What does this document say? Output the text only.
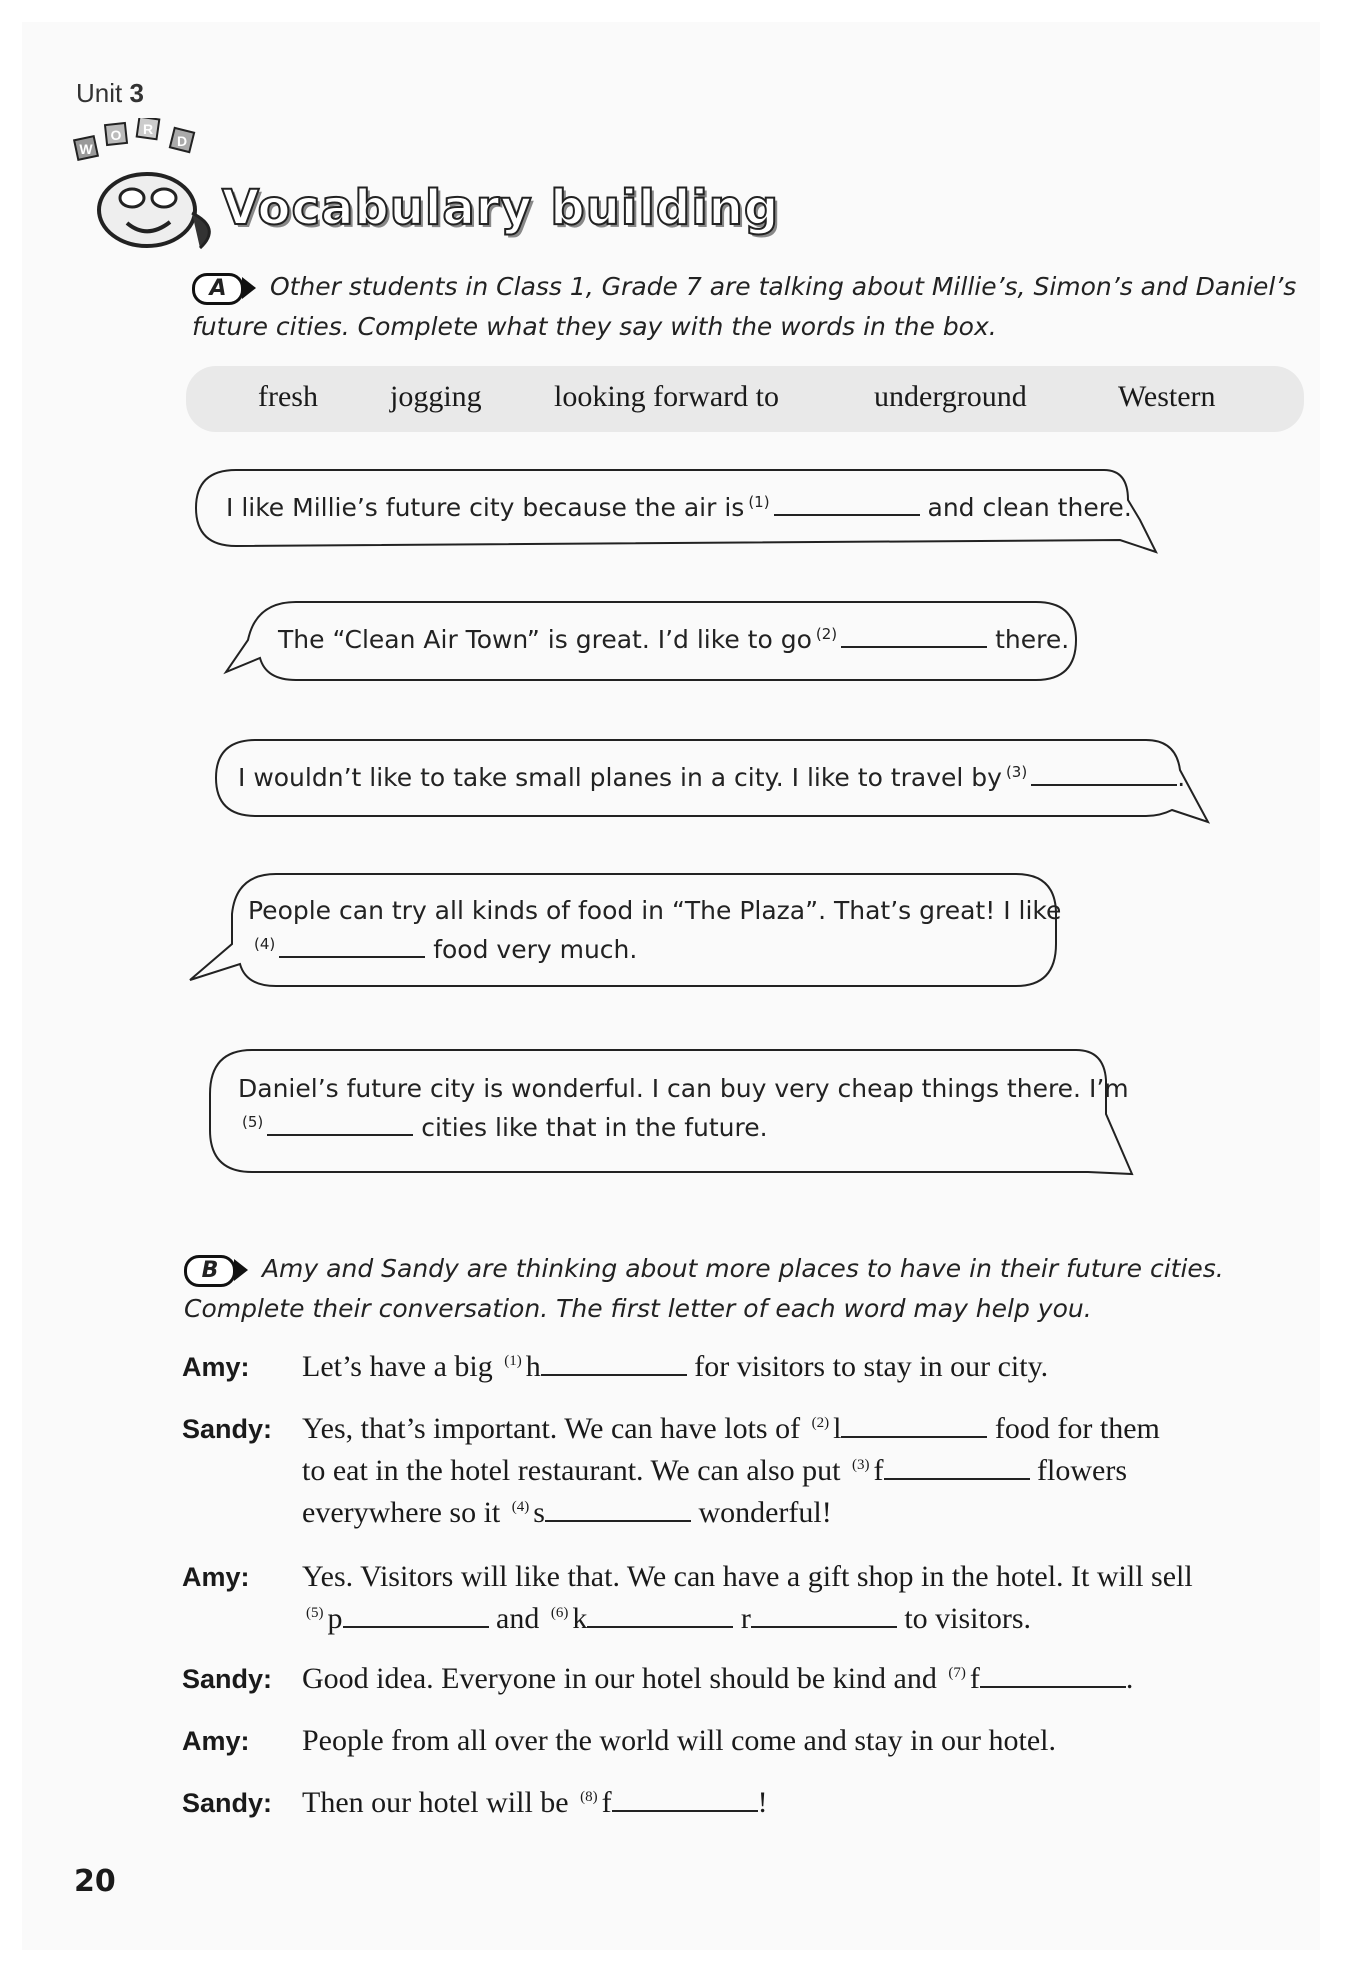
Unit 3
W
O R
D
Vocabulary building
A	Other students in Class 1, Grade 7 are talking about Millie’s, Simon’s and Daniel’s
future cities. Complete what they say with the words in the box.
fresh jogging looking forward to	underground	Western
I like Millie’s future city because the air is $^{(1)}$	and clean there.
The “Clean Air Town” is great. I’d like to go $^{(2)}$	there.
I wouldn’t like to take small planes in a city. I like to travel by $^{(3)}$	.
People can try all kinds of food in “The Plaza”. That’s great! I like
$^{(4)}$	food very much.
Daniel’s future city is wonderful. I can buy very cheap things there. I’m
$^{(5)}$	cities like that in the future.
B	Amy and Sandy are thinking about more places to have in their future cities.
Complete their conversation. The first letter of each word may help you.
Amy: Let’s have a big $^{(1)}$ h	for visitors to stay in our city.
Sandy: Yes, that’s important. We can have lots of $^{(2)}$ l	food for them
to eat in the hotel restaurant. We can also put $^{(3)}$ f	flowers
everywhere so it $^{(4)}$ s	wonderful!
Amy: Yes. Visitors will like that. We can have a gift shop in the hotel. It will sell
$^{(5)}$ p	and $^{(6)}$ k	r	to visitors.
Sandy: Good idea. Everyone in our hotel should be kind and $^{(7)}$ f	.
Amy: People from all over the world will come and stay in our hotel.
Sandy: Then our hotel will be $^{(8)}$ f	!
20
